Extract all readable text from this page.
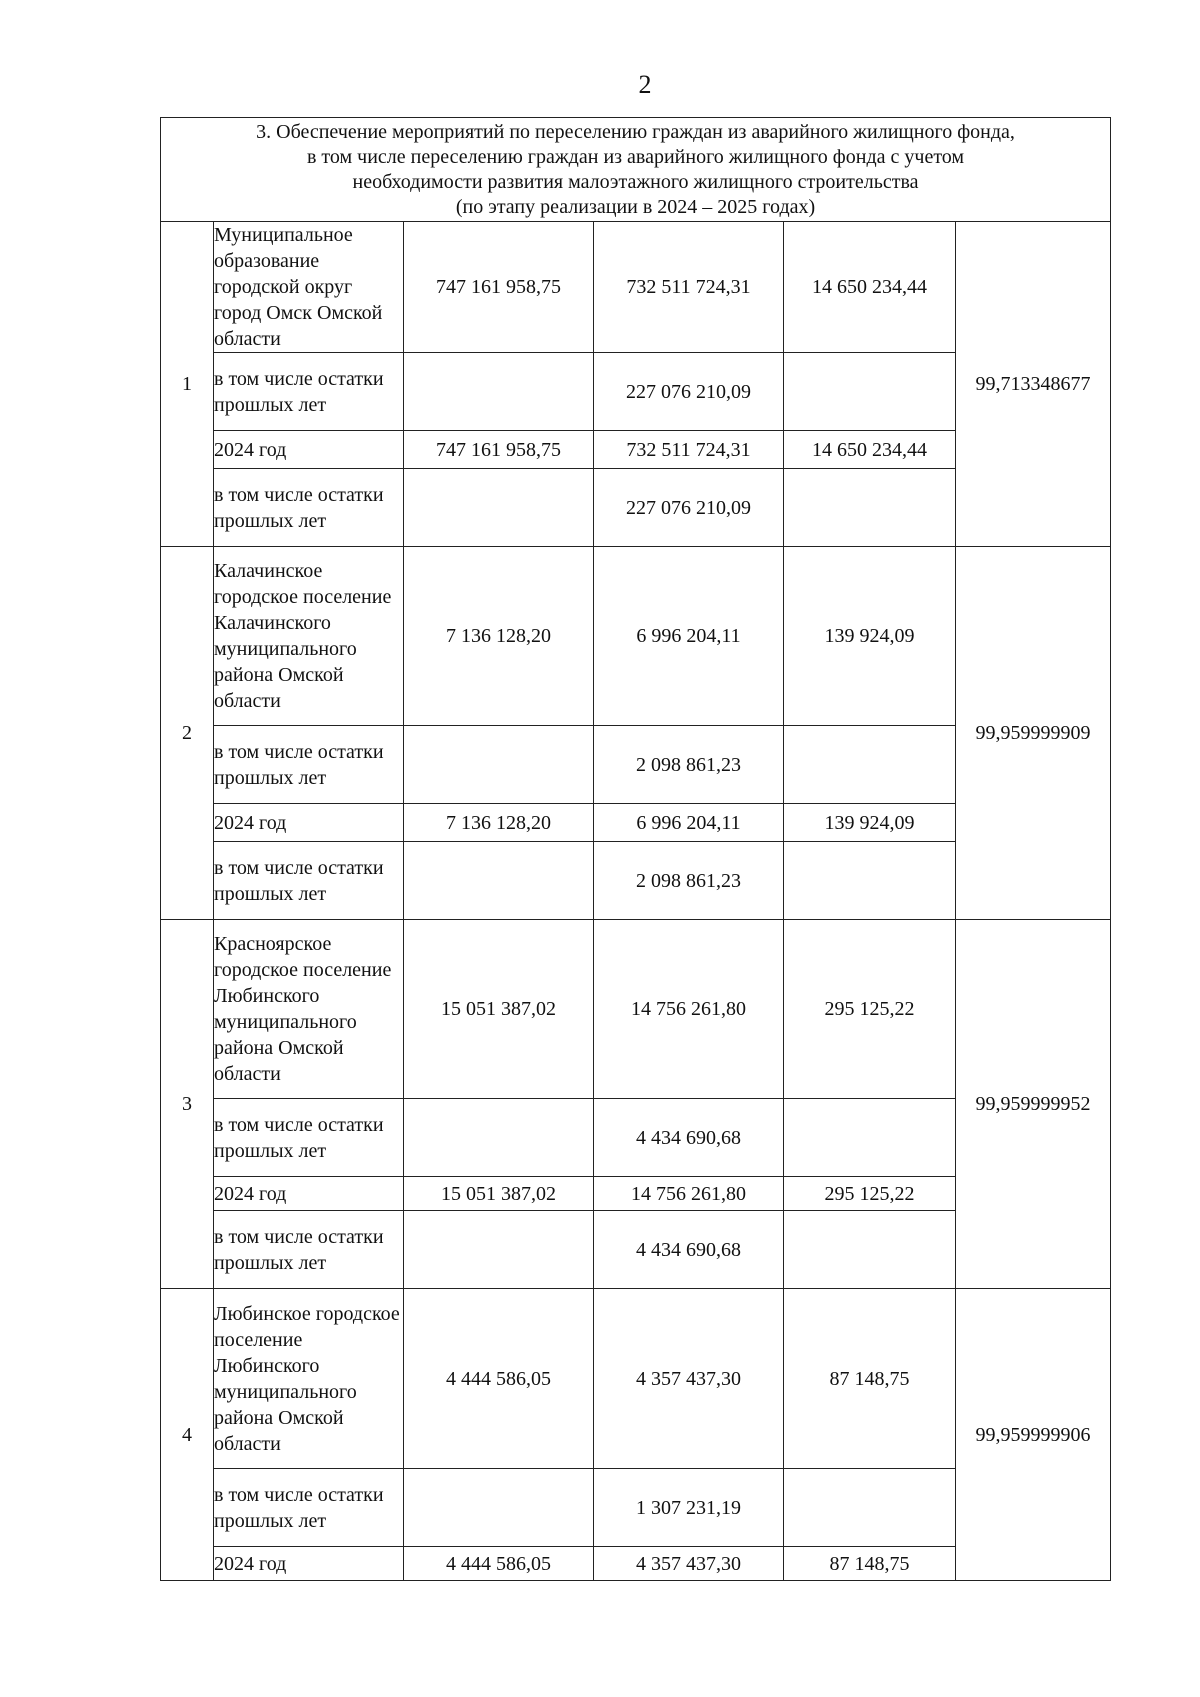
2
3. Обеспечение мероприятий по переселению граждан из аварийного жилищного фонда,
в том числе переселению граждан из аварийного жилищного фонда с учетом
необходимости развития малоэтажного жилищного строительства
(по этапу реализации в 2024 – 2025 годах)					

1	Муниципальное образование городской округ город Омск Омской области	747 161 958,75	732 511 724,31	14 650 234,44	99,713348677
	в том числе остатки прошлых лет		227 076 210,09		
	2024 год	747 161 958,75	732 511 724,31	14 650 234,44	
	в том числе остатки прошлых лет		227 076 210,09		
2	Калачинское городское поселение Калачинского муниципального района Омской области	7 136 128,20	6 996 204,11	139 924,09	99,959999909
	в том числе остатки прошлых лет		2 098 861,23		
	2024 год	7 136 128,20	6 996 204,11	139 924,09	
	в том числе остатки прошлых лет		2 098 861,23		
3	Красноярское городское поселение Любинского муниципального района Омской области	15 051 387,02	14 756 261,80	295 125,22	99,959999952
	в том числе остатки прошлых лет		4 434 690,68		
	2024 год	15 051 387,02	14 756 261,80	295 125,22	
	в том числе остатки прошлых лет		4 434 690,68		
4	Любинское городское поселение Любинского муниципального района Омской области	4 444 586,05	4 357 437,30	87 148,75	99,959999906
	в том числе остатки прошлых лет		1 307 231,19		
	2024 год	4 444 586,05	4 357 437,30	87 148,75	
